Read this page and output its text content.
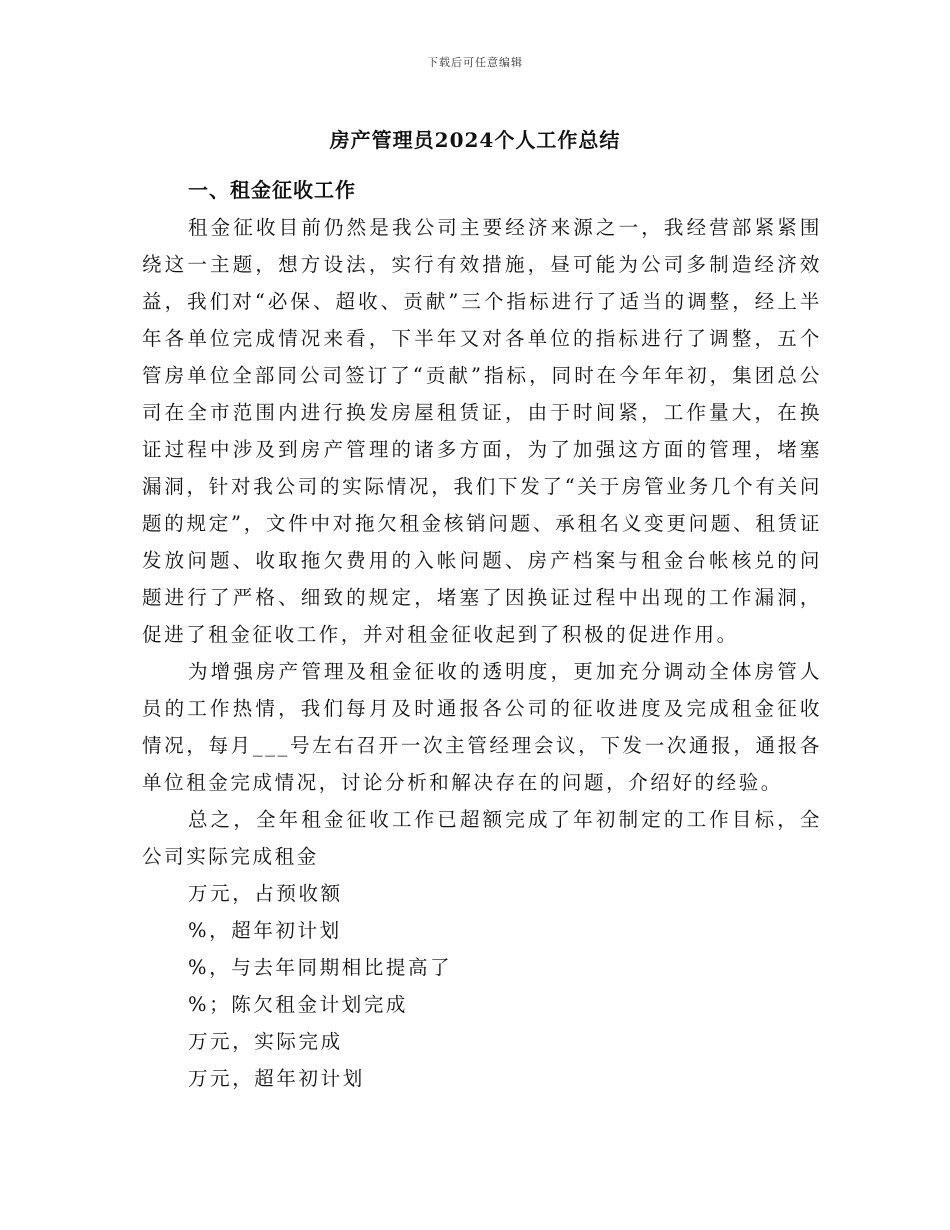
下载后可任意编辑
房产管理员2024个人工作总结
一、租金征收工作

租金征收目前仍然是我公司主要经济来源之一，我经营部紧紧围绕这一主题，想方设法，实行有效措施，昼可能为公司多制造经济效益，我们对“必保、超收、贡献”三个指标进行了适当的调整，经上半年各单位完成情况来看，下半年又对各单位的指标进行了调整，五个管房单位全部同公司签订了“贡献”指标，同时在今年年初，集团总公司在全市范围内进行换发房屋租赁证，由于时间紧，工作量大，在换证过程中涉及到房产管理的诸多方面，为了加强这方面的管理，堵塞漏洞，针对我公司的实际情况，我们下发了“关于房管业务几个有关问题的规定”，文件中对拖欠租金核销问题、承租名义变更问题、租赁证发放问题、收取拖欠费用的入帐问题、房产档案与租金台帐核兑的问题进行了严格、细致的规定，堵塞了因换证过程中出现的工作漏洞，促进了租金征收工作，并对租金征收起到了积极的促进作用。

为增强房产管理及租金征收的透明度，更加充分调动全体房管人员的工作热情，我们每月及时通报各公司的征收进度及完成租金征收情况，每月___号左右召开一次主管经理会议，下发一次通报，通报各单位租金完成情况，讨论分析和解决存在的问题，介绍好的经验。

总之，全年租金征收工作已超额完成了年初制定的工作目标，全公司实际完成租金

万元，占预收额
%，超年初计划
%，与去年同期相比提高了
%；陈欠租金计划完成
万元，实际完成
万元，超年初计划
